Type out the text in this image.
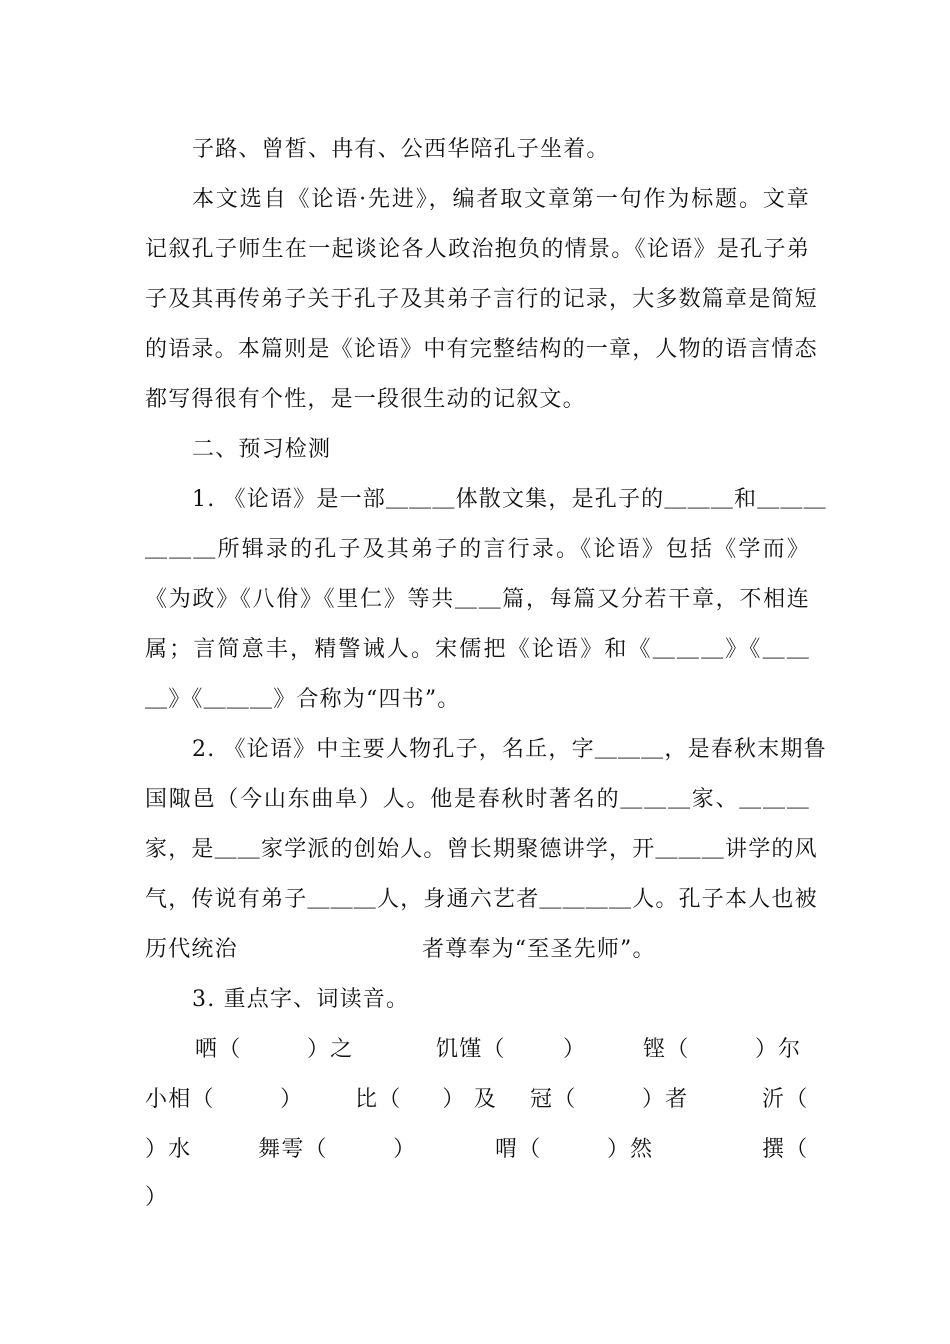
子路、曾皙、冉有、公西华陪孔子坐着。

本文选自《论语·先进》，编者取文章第一句作为标题。文章

记叙孔子师生在一起谈论各人政治抱负的情景。《论语》是孔子弟

子及其再传弟子关于孔子及其弟子言行的记录，大多数篇章是简短

的语录。本篇则是《论语》中有完整结构的一章，人物的语言情态

都写得很有个性，是一段很生动的记叙文。

二、预习检测

1. 《论语》是一部＿＿＿体散文集，是孔子的＿＿＿和＿＿＿

＿＿＿所辑录的孔子及其弟子的言行录。《论语》包括《学而》

《为政》《八佾》《里仁》等共＿＿篇，每篇又分若干章，不相连

属；言简意丰，精警诫人。宋儒把《论语》和《＿＿＿》《＿＿

＿》《＿＿＿》合称为“四书”。

2. 《论语》中主要人物孔子，名丘，字＿＿＿，是春秋末期鲁

国陬邑（今山东曲阜）人。他是春秋时著名的＿＿＿家、＿＿＿

家，是＿＿家学派的创始人。曾长期聚德讲学，开＿＿＿讲学的风

气，传说有弟子＿＿＿人，身通六艺者＿＿＿＿人。孔子本人也被

历代统治	者尊奉为“至圣先师”。

3. 重点字、词读音。

哂（        ）之	饥馑（       ）	铿（        ）尔
小相（        ） 比（     ） 及 冠（        ）者	沂（
）水	舞雩（        ）	喟（        ）然	撰（
）
